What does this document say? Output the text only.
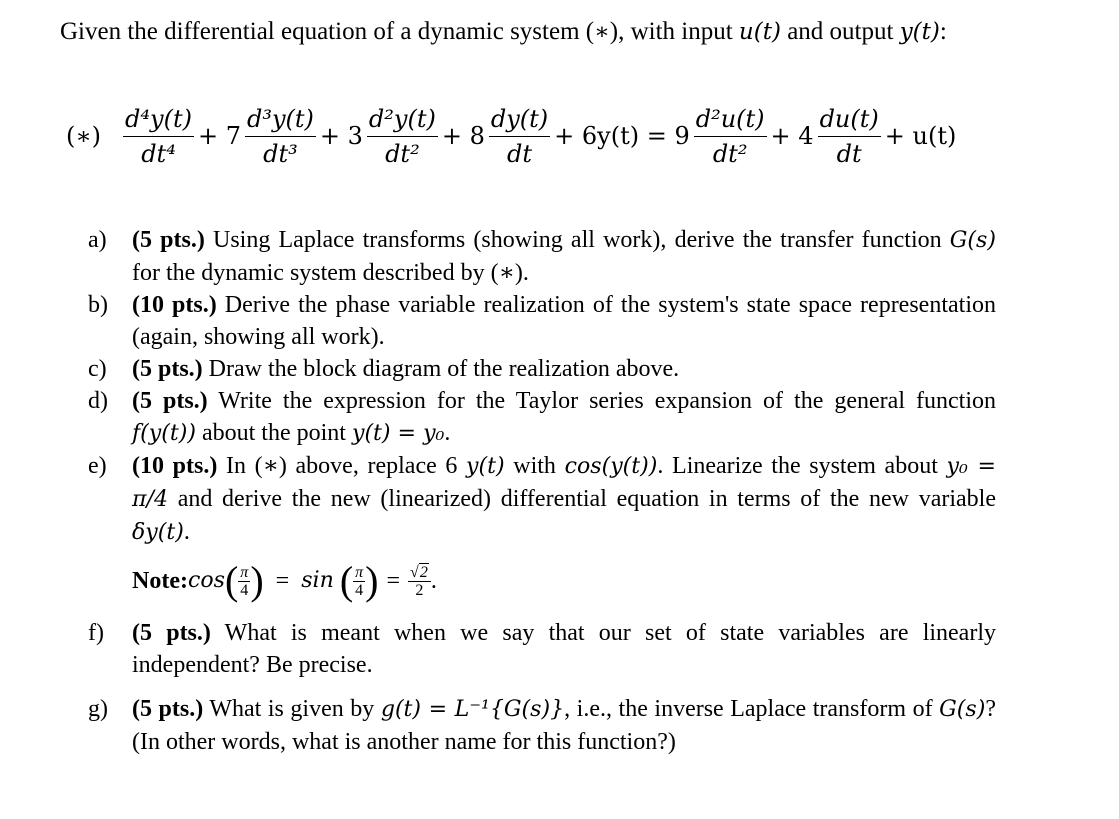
Given the differential equation of a dynamic system (∗), with input u(t) and output y(t):
(∗) $\frac{\text{d⁴y(t)}}{\text{dt⁴}} + 7 \frac{\text{d³y(t)}}{\text{dt³}} + 3 \frac{\text{d²y(t)}}{\text{dt²}} + 8 \frac{dy(t)}{dt} + 6y(t) = 9 \frac{\text{d²u(t)}}{\text{dt²}} + 4 \frac{du(t)}{dt} + u(t)$
a) (5 pts.) Using Laplace transforms (showing all work), derive the transfer function G(s) for the dynamic system described by (∗).
b) (10 pts.) Derive the phase variable realization of the system's state space representation (again, showing all work).
c) (5 pts.) Draw the block diagram of the realization above.
d) (5 pts.) Write the expression for the Taylor series expansion of the general function f(y(t)) about the point y(t) = y₀.
e) (10 pts.) In (∗) above, replace 6 y(t) with cos(y(t)). Linearize the system about y₀ = π/4 and derive the new (linearized) differential equation in terms of the new variable δy(t).
Note: cos ( $\frac{\pi}{4}$ ) = sin ( $\frac{\pi}{4}$ ) = $\frac{√ 2}{2}$ .
f) (5 pts.) What is meant when we say that our set of state variables are linearly independent? Be precise.
g) (5 pts.) What is given by g(t) = L⁻¹{G(s)}, i.e., the inverse Laplace transform of G(s)? (In other words, what is another name for this function?)
